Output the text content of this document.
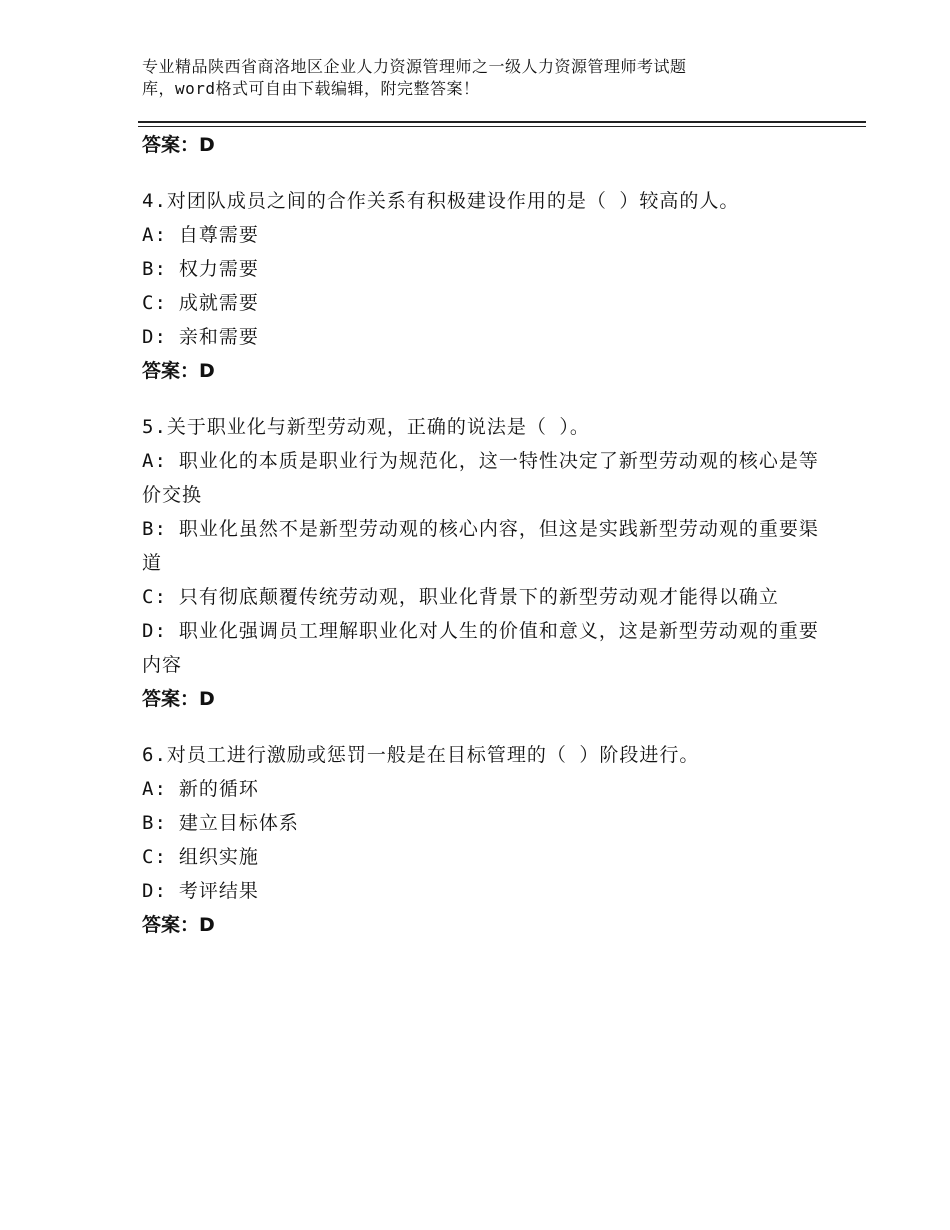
专业精品陕西省商洛地区企业人力资源管理师之一级人力资源管理师考试题
库，word格式可自由下载编辑，附完整答案！

答案：D

4.对团队成员之间的合作关系有积极建设作用的是（ ）较高的人。

A: 自尊需要

B: 权力需要

C: 成就需要

D: 亲和需要

答案：D

5.关于职业化与新型劳动观，正确的说法是（ ）。

A: 职业化的本质是职业行为规范化，这一特性决定了新型劳动观的核心是等价交换

B: 职业化虽然不是新型劳动观的核心内容，但这是实践新型劳动观的重要渠道

C: 只有彻底颠覆传统劳动观，职业化背景下的新型劳动观才能得以确立

D: 职业化强调员工理解职业化对人生的价值和意义，这是新型劳动观的重要内容

答案：D

6.对员工进行激励或惩罚一般是在目标管理的（ ）阶段进行。

A: 新的循环

B: 建立目标体系

C: 组织实施

D: 考评结果

答案：D
